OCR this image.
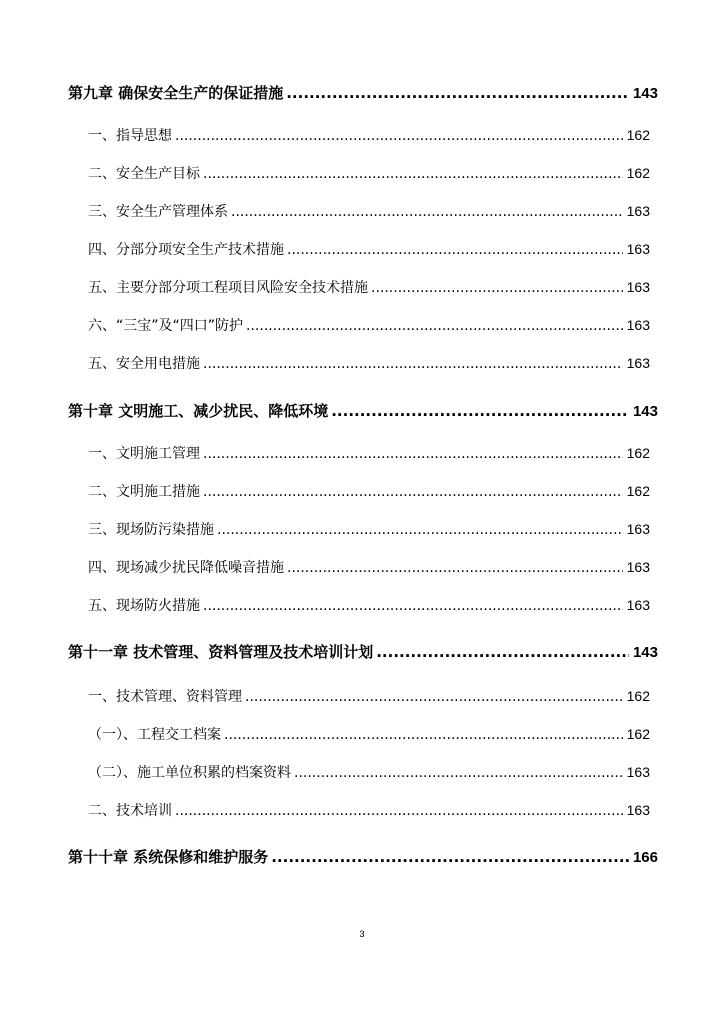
第九章 确保安全生产的保证措施 .....	143
一、指导思想 .....	162
二、安全生产目标 .....	162
三、安全生产管理体系 .....	163
四、分部分项安全生产技术措施 .....	163
五、主要分部分项工程项目风险安全技术措施 .....	163
六、“三宝”及“四口”防护 .....	163
五、安全用电措施 .....	163
第十章 文明施工、减少扰民、降低环境 .....	143
一、文明施工管理 .....	162
二、文明施工措施 .....	162
三、现场防污染措施 .....	163
四、现场减少扰民降低噪音措施 .....	163
五、现场防火措施 .....	163
第十一章 技术管理、资料管理及技术培训计划 .....	143
一、技术管理、资料管理 .....	162
（一）、工程交工档案 .....	162
（二）、施工单位积累的档案资料 .....	163
二、技术培训 .....	163
第十十章 系统保修和维护服务 .....	166
3
